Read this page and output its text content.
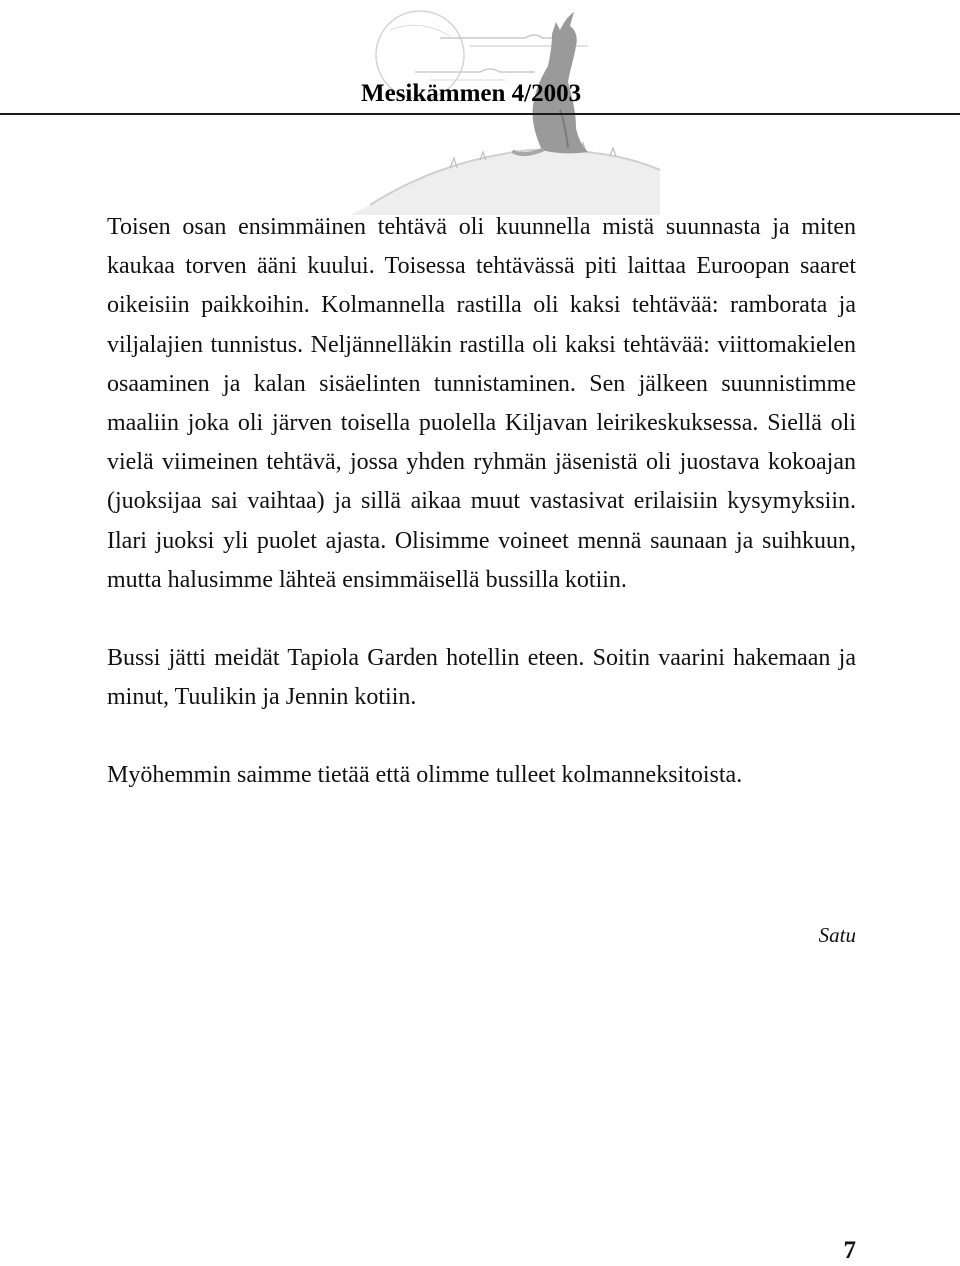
Mesikämmen 4/2003

Toisen osan ensimmäinen tehtävä oli kuunnella mistä suunnasta ja miten kaukaa torven ääni kuului. Toisessa tehtävässä piti laittaa Euroopan saaret oikeisiin paikkoihin. Kolmannella rastilla oli kaksi tehtävää: ramborata ja viljalajien tunnistus. Neljännelläkin rastilla oli kaksi tehtävää: viittomakielen osaaminen ja kalan sisäelinten tunnistaminen. Sen jälkeen suunnistimme maaliin joka oli järven toisella puolella Kiljavan leirikeskuksessa. Siellä oli vielä viimeinen tehtävä, jossa yhden ryhmän jäsenistä oli juostava kokoajan (juoksijaa sai vaihtaa) ja sillä aikaa muut vastasivat erilaisiin kysymyksiin. Ilari juoksi yli puolet ajasta. Olisimme voineet mennä saunaan ja suihkuun, mutta halusimme lähteä ensimmäisellä bussilla kotiin.

Bussi jätti meidät Tapiola Garden hotellin eteen. Soitin vaarini hakemaan ja minut, Tuulikin ja Jennin kotiin.

Myöhemmin saimme tietää että olimme tulleet kolmanneksitoista.

Satu
7
